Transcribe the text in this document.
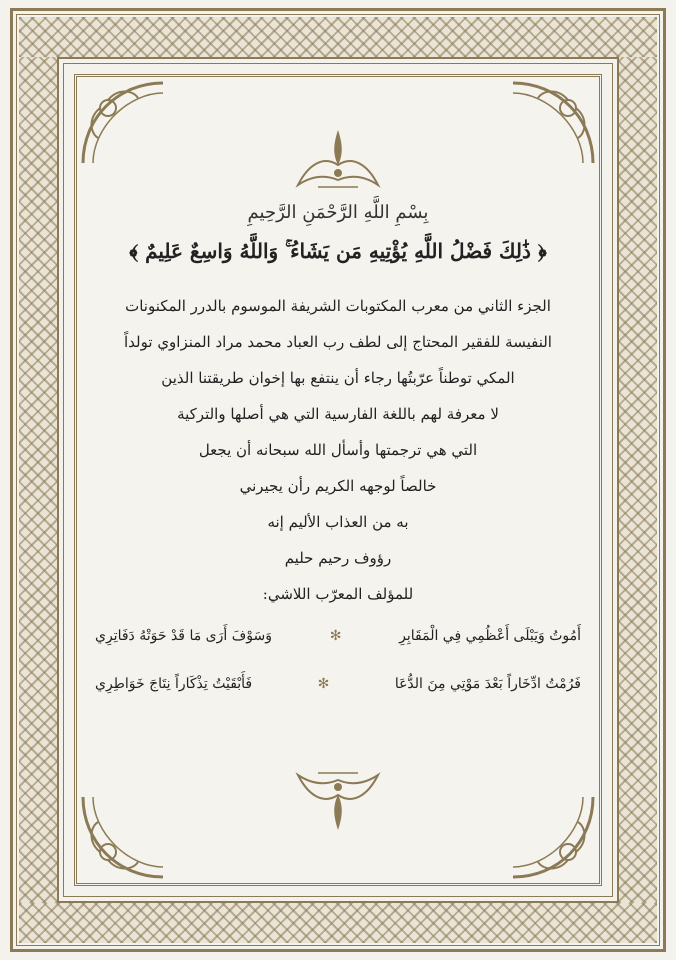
بِسْمِ اللَّهِ الرَّحْمَنِ الرَّحِيمِ

﴿ ذَٰلِكَ فَضْلُ اللَّهِ يُؤْتِيهِ مَن يَشَاءُ ۚ وَاللَّهُ وَاسِعٌ عَلِيمٌ ﴾

الجزء الثاني من معرب المكتوبات الشريفة الموسوم بالدرر المكنونات

النفيسة للفقير المحتاج إلى لطف رب العباد محمد مراد المنزاوي تولداً

المكي توطناً عرّبتُها رجاء أن ينتفع بها إخوان طريقتنا الذين

لا معرفة لهم باللغة الفارسية التي هي أصلها والتركية

التي هي ترجمتها وأسأل الله سبحانه أن يجعل

خالصاً لوجهه الكريم رأن يجيرني

به من العذاب الأليم إنه

رؤوف رحيم حليم

للمؤلف المعرّب اللاشي:

أَمُوتُ وَيَبْلَى أَعْظُمِي فِي الْمَقَابِرِ
✻
وَسَوْفَ أَرَى مَا قَدْ حَوَتْهُ دَفَاتِرِي
فَرُمْتُ ادِّخَاراً بَعْدَ مَوْتِي مِنَ الدُّعَا
✻
فَأَبْقَيْتُ تِذْكَاراً نِتَاجَ خَوَاطِرِي
